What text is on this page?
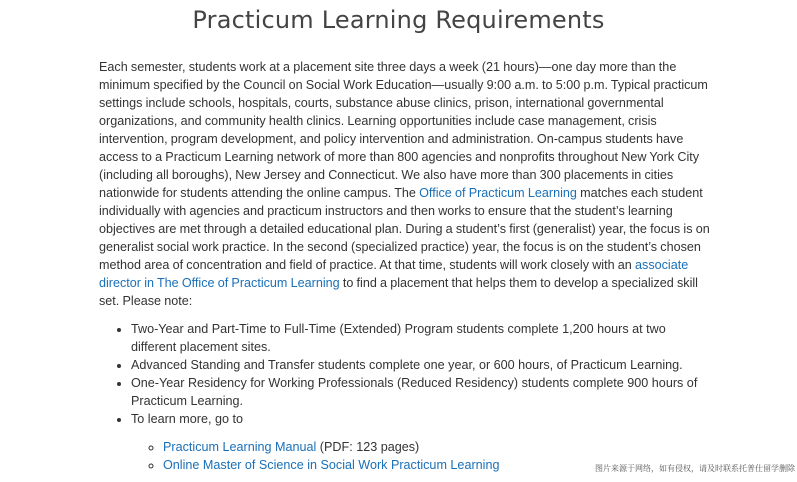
Practicum Learning Requirements

Each semester, students work at a placement site three days a week (21 hours)—one day more than the minimum specified by the Council on Social Work Education—usually 9:00 a.m. to 5:00 p.m. Typical practicum settings include schools, hospitals, courts, substance abuse clinics, prison, international governmental organizations, and community health clinics. Learning opportunities include case management, crisis intervention, program development, and policy intervention and administration. On-campus students have access to a Practicum Learning network of more than 800 agencies and nonprofits throughout New York City (including all boroughs), New Jersey and Connecticut. We also have more than 300 placements in cities nationwide for students attending the online campus. The Office of Practicum Learning matches each student individually with agencies and practicum instructors and then works to ensure that the student’s learning objectives are met through a detailed educational plan. During a student’s first (generalist) year, the focus is on generalist social work practice. In the second (specialized practice) year, the focus is on the student’s chosen method area of concentration and field of practice. At that time, students will work closely with an associate director in The Office of Practicum Learning to find a placement that helps them to develop a specialized skill set. Please note:

• Two-Year and Part-Time to Full-Time (Extended) Program students complete 1,200 hours at two different placement sites.
• Advanced Standing and Transfer students complete one year, or 600 hours, of Practicum Learning.
• One-Year Residency for Working Professionals (Reduced Residency) students complete 900 hours of Practicum Learning.
• To learn more, go to
◦ Practicum Learning Manual (PDF: 123 pages)
◦ Online Master of Science in Social Work Practicum Learning	图片来源于网络，如有侵权，请及时联系托普仕留学删除
